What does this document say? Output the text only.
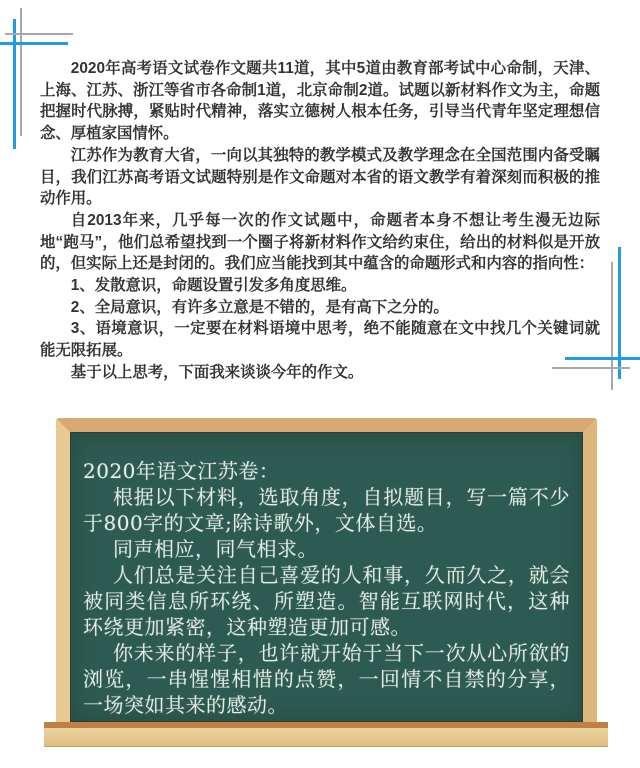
2020年高考语文试卷作文题共11道，其中5道由教育部考试中心命制，天津、上海、江苏、浙江等省市各命制1道，北京命制2道。试题以新材料作文为主，命题把握时代脉搏，紧贴时代精神，落实立德树人根本任务，引导当代青年坚定理想信念、厚植家国情怀。

江苏作为教育大省，一向以其独特的教学模式及教学理念在全国范围内备受瞩目，我们江苏高考语文试题特别是作文命题对本省的语文教学有着深刻而积极的推动作用。

自2013年来，几乎每一次的作文试题中，命题者本身不想让考生漫无边际地“跑马”，他们总希望找到一个圈子将新材料作文给约束住，给出的材料似是开放的，但实际上还是封闭的。我们应当能找到其中蕴含的命题形式和内容的指向性：

1、发散意识，命题设置引发多角度思维。

2、全局意识，有许多立意是不错的，是有高下之分的。

3、语境意识，一定要在材料语境中思考，绝不能随意在文中找几个关键词就能无限拓展。

基于以上思考，下面我来谈谈今年的作文。

2020年语文江苏卷：

根据以下材料，选取角度，自拟题目，写一篇不少于800字的文章;除诗歌外，文体自选。

同声相应，同气相求。

人们总是关注自己喜爱的人和事，久而久之，就会被同类信息所环绕、所塑造。智能互联网时代，这种环绕更加紧密，这种塑造更加可感。

你未来的样子，也许就开始于当下一次从心所欲的浏览，一串惺惺相惜的点赞，一回情不自禁的分享，一场突如其来的感动。
